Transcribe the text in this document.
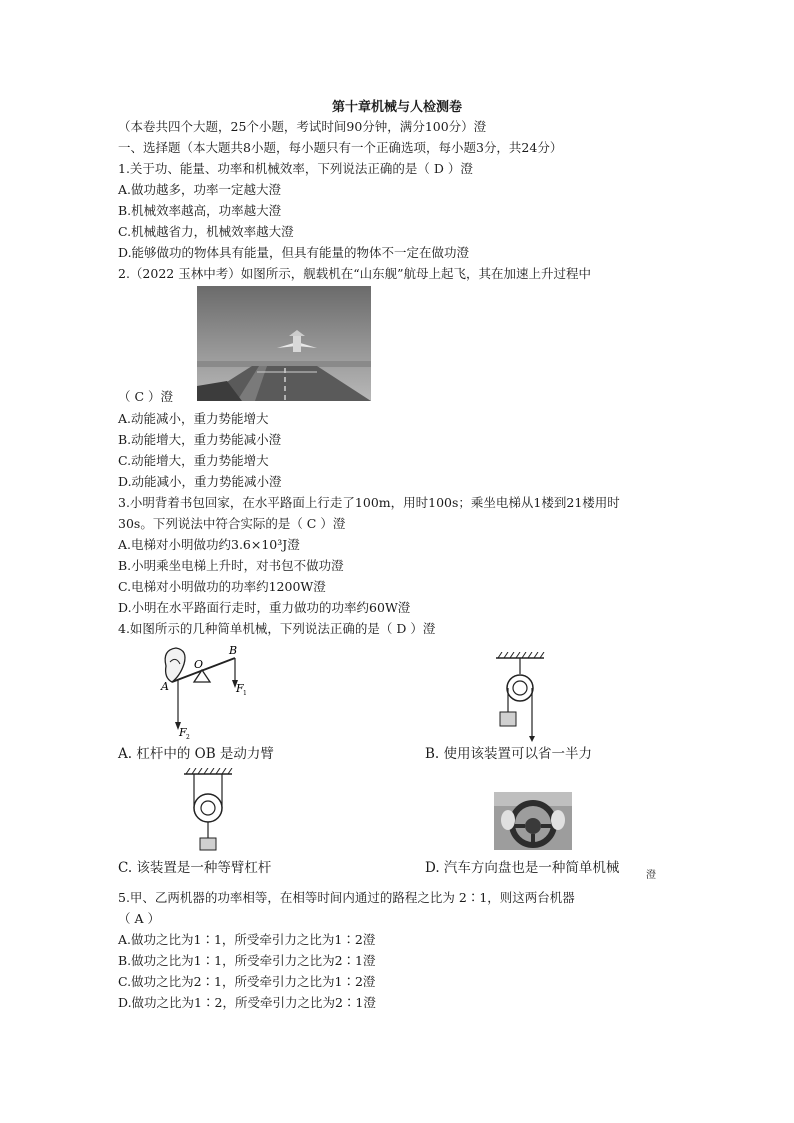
第十章机械与人检测卷
（本卷共四个大题，25个小题，考试时间90分钟，满分100分）澄
一、选择题（本大题共8小题，每小题只有一个正确选项，每小题3分，共24分）
1.关于功、能量、功率和机械效率，下列说法正确的是（ D ）澄
A.做功越多，功率一定越大澄
B.机械效率越高，功率越大澄
C.机械越省力，机械效率越大澄
D.能够做功的物体具有能量，但具有能量的物体不一定在做功澄
2.（2022 玉林中考）如图所示，舰载机在“山东舰”航母上起飞，其在加速上升过程中
（ C ）澄
A.动能减小，重力势能增大
B.动能增大，重力势能减小澄
C.动能增大，重力势能增大
D.动能减小，重力势能减小澄
3.小明背着书包回家，在水平路面上行走了100m，用时100s；乘坐电梯从1楼到21楼用时
30s。下列说法中符合实际的是（ C ）澄
A.电梯对小明做功约3.6×10³J澄
B.小明乘坐电梯上升时，对书包不做功澄
C.电梯对小明做功的功率约1200W澄
D.小明在水平路面行走时，重力做功的功率约60W澄
4.如图所示的几种简单机械，下列说法正确的是（ D ）澄
O
B
A	F 1
F 2
A. 杠杆中的 OB 是动力臂	B. 使用该装置可以省一半力
C. 该装置是一种等臂杠杆	D. 汽车方向盘也是一种简单机械	澄
5.甲、乙两机器的功率相等，在相等时间内通过的路程之比为 2∶1，则这两台机器
（ A ）
A.做功之比为1∶1，所受牵引力之比为1∶2澄
B.做功之比为1∶1，所受牵引力之比为2∶1澄
C.做功之比为2∶1，所受牵引力之比为1∶2澄
D.做功之比为1∶2，所受牵引力之比为2∶1澄
